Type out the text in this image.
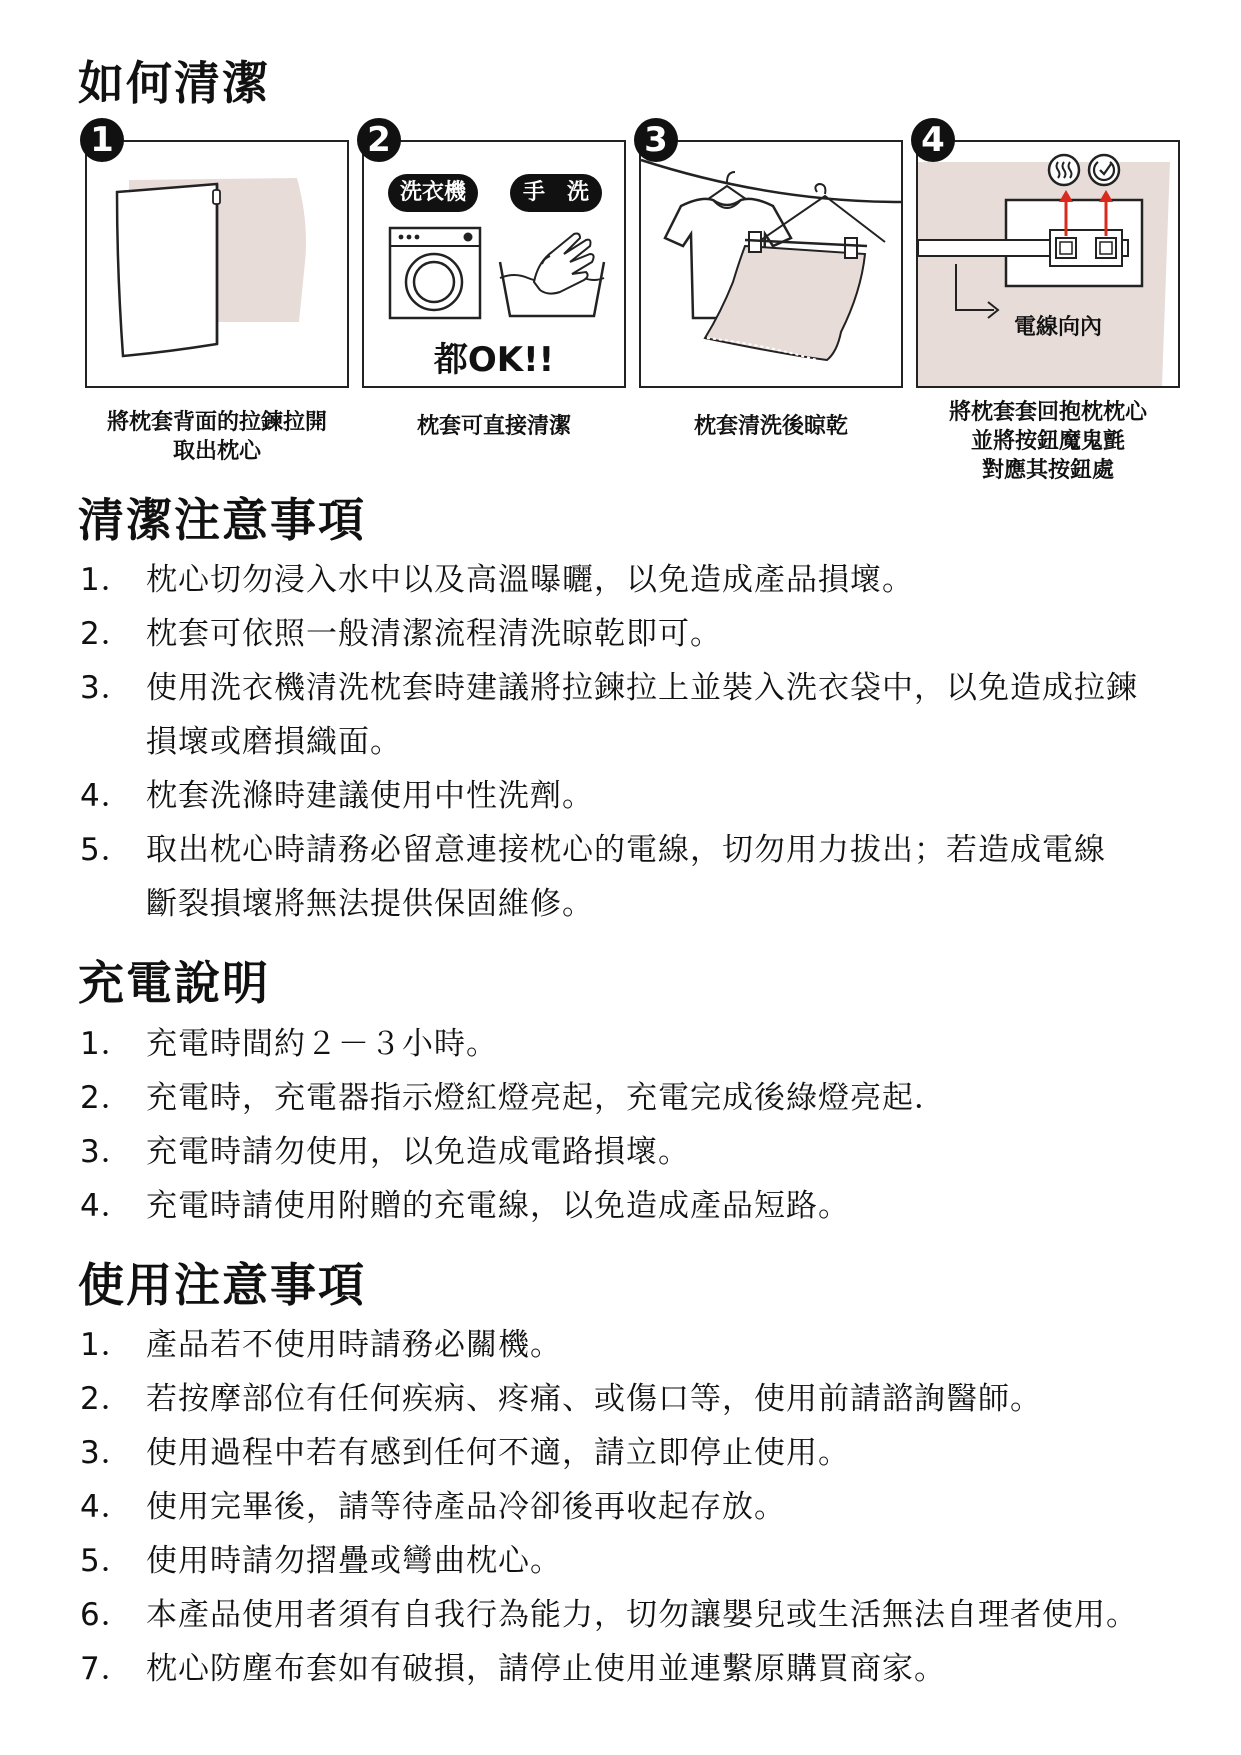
如何清潔
1
洗衣機	手　洗
都OK!!
2	3
電線向內
4
將枕套背面的拉鍊拉開
取出枕心
枕套可直接清潔	枕套清洗後晾乾
將枕套套回抱枕枕心
並將按鈕魔鬼氈
對應其按鈕處
清潔注意事項
1． 枕心切勿浸入水中以及高溫曝曬，以免造成產品損壞。
2． 枕套可依照一般清潔流程清洗晾乾即可。
3． 使用洗衣機清洗枕套時建議將拉鍊拉上並裝入洗衣袋中，以免造成拉鍊
損壞或磨損織面。
4． 枕套洗滌時建議使用中性洗劑。
5． 取出枕心時請務必留意連接枕心的電線，切勿用力拔出；若造成電線
斷裂損壞將無法提供保固維修。
充電說明
1． 充電時間約２－３小時。
2． 充電時，充電器指示燈紅燈亮起，充電完成後綠燈亮起．
3． 充電時請勿使用，以免造成電路損壞。
4． 充電時請使用附贈的充電線，以免造成產品短路。
使用注意事項
1． 產品若不使用時請務必關機。
2． 若按摩部位有任何疾病、疼痛、或傷口等，使用前請諮詢醫師。
3． 使用過程中若有感到任何不適，請立即停止使用。
4． 使用完畢後，請等待產品冷卻後再收起存放。
5． 使用時請勿摺疊或彎曲枕心。
6． 本產品使用者須有自我行為能力，切勿讓嬰兒或生活無法自理者使用。
7． 枕心防塵布套如有破損，請停止使用並連繫原購買商家。
